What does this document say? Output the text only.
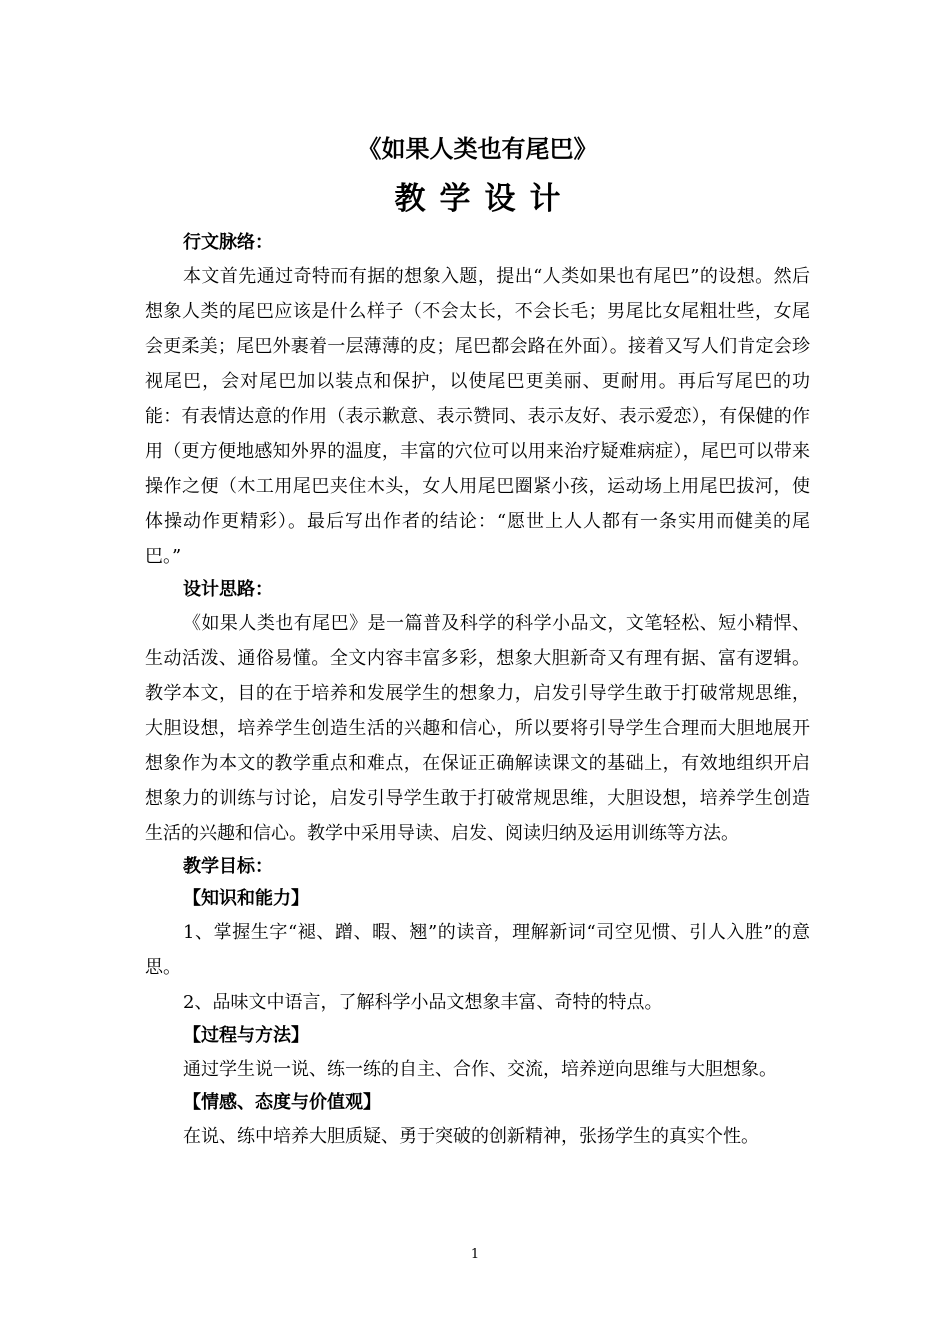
《如果人类也有尾巴》

教学设计

行文脉络：

本文首先通过奇特而有据的想象入题，提出“人类如果也有尾巴”的设想。然后想象人类的尾巴应该是什么样子（不会太长，不会长毛；男尾比女尾粗壮些，女尾会更柔美；尾巴外裹着一层薄薄的皮；尾巴都会路在外面）。接着又写人们肯定会珍视尾巴，会对尾巴加以装点和保护，以使尾巴更美丽、更耐用。再后写尾巴的功能：有表情达意的作用（表示歉意、表示赞同、表示友好、表示爱恋），有保健的作用（更方便地感知外界的温度，丰富的穴位可以用来治疗疑难病症），尾巴可以带来操作之便（木工用尾巴夹住木头，女人用尾巴圈紧小孩，运动场上用尾巴拔河，使体操动作更精彩）。最后写出作者的结论：“愿世上人人都有一条实用而健美的尾巴。”

设计思路：

《如果人类也有尾巴》是一篇普及科学的科学小品文，文笔轻松、短小精悍、生动活泼、通俗易懂。全文内容丰富多彩，想象大胆新奇又有理有据、富有逻辑。教学本文，目的在于培养和发展学生的想象力，启发引导学生敢于打破常规思维，大胆设想，培养学生创造生活的兴趣和信心，所以要将引导学生合理而大胆地展开想象作为本文的教学重点和难点，在保证正确解读课文的基础上，有效地组织开启想象力的训练与讨论，启发引导学生敢于打破常规思维，大胆设想，培养学生创造生活的兴趣和信心。教学中采用导读、启发、阅读归纳及运用训练等方法。

教学目标：

【知识和能力】

1、掌握生字“褪、蹭、暇、翘”的读音，理解新词“司空见惯、引人入胜”的意思。

2、品味文中语言，了解科学小品文想象丰富、奇特的特点。

【过程与方法】

通过学生说一说、练一练的自主、合作、交流，培养逆向思维与大胆想象。

【情感、态度与价值观】

在说、练中培养大胆质疑、勇于突破的创新精神，张扬学生的真实个性。

1
